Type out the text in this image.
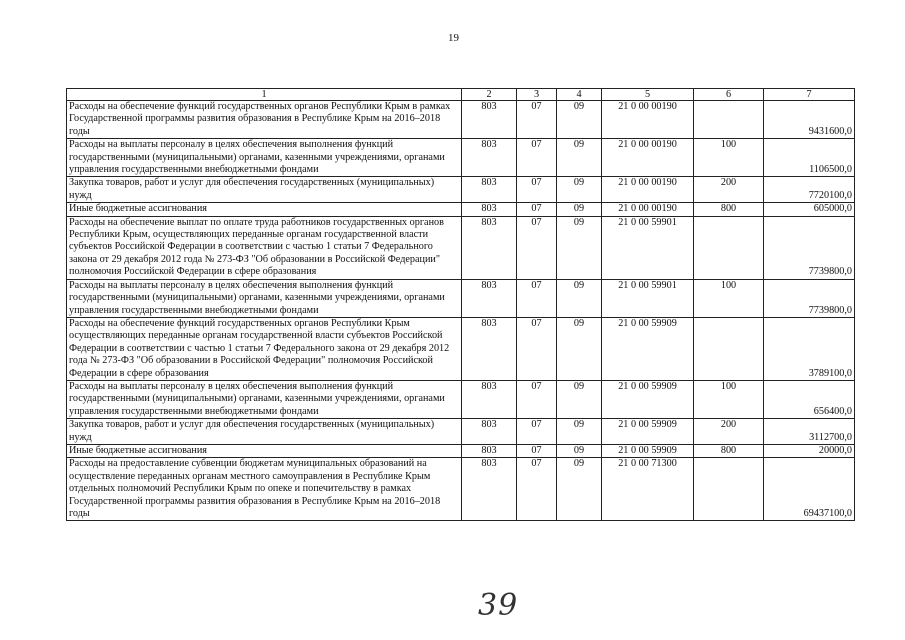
19
1	2	3	4	5	6	7
Расходы на обеспечение функций государственных органов Республики Крым в рамках Государственной программы развития образования в Республике Крым на 2016–2018 годы	803	07	09	21 0 00 00190		9431600,0
Расходы на выплаты персоналу в целях обеспечения выполнения функций государственными (муниципальными) органами, казенными учреждениями, органами управления государственными внебюджетными фондами	803	07	09	21 0 00 00190	100	1106500,0
Закупка товаров, работ и услуг для обеспечения государственных (муниципальных) нужд	803	07	09	21 0 00 00190	200	7720100,0
Иные бюджетные ассигнования	803	07	09	21 0 00 00190	800	605000,0
Расходы на обеспечение выплат по оплате труда работников государственных органов Республики Крым, осуществляющих переданные органам государственной власти субъектов Российской Федерации в соответствии с частью 1 статьи 7 Федерального закона от 29 декабря 2012 года № 273-ФЗ "Об образовании в Российской Федерации" полномочия Российской Федерации в сфере образования	803	07	09	21 0 00 59901		7739800,0
Расходы на выплаты персоналу в целях обеспечения выполнения функций государственными (муниципальными) органами, казенными учреждениями, органами управления государственными внебюджетными фондами	803	07	09	21 0 00 59901	100	7739800,0
Расходы на обеспечение функций государственных органов Республики Крым осуществляющих переданные органам государственной власти субъектов Российской Федерации в соответствии с частью 1 статьи 7 Федерального закона от 29 декабря 2012 года № 273-ФЗ "Об образовании в Российской Федерации" полномочия Российской Федерации в сфере образования	803	07	09	21 0 00 59909		3789100,0
Расходы на выплаты персоналу в целях обеспечения выполнения функций государственными (муниципальными) органами, казенными учреждениями, органами управления государственными внебюджетными фондами	803	07	09	21 0 00 59909	100	656400,0
Закупка товаров, работ и услуг для обеспечения государственных (муниципальных) нужд	803	07	09	21 0 00 59909	200	3112700,0
Иные бюджетные ассигнования	803	07	09	21 0 00 59909	800	20000,0
Расходы на предоставление субвенции бюджетам муниципальных образований на осуществление переданных органам местного самоуправления в Республике Крым отдельных полномочий Республики Крым по опеке и попечительству в рамках Государственной программы развития образования в Республике Крым на 2016–2018 годы	803	07	09	21 0 00 71300		69437100,0
39
